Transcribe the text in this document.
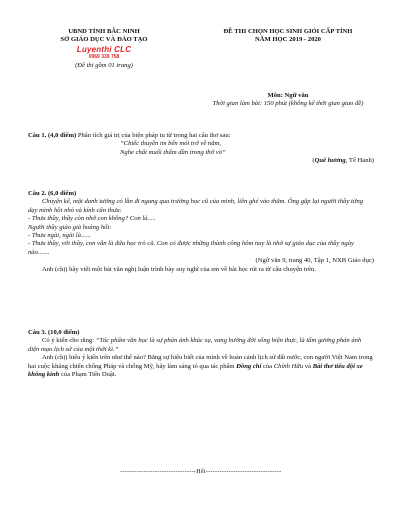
UBND TỈNH BẮC NINH
SỞ GIÁO DỤC VÀ ĐÀO TẠO
Luyenthi CLC
0969 339 758
(Đề thi gồm 01 trang)
ĐỀ THI CHỌN HỌC SINH GIỎI CẤP TỈNH
NĂM HỌC 2019 - 2020
Môn: Ngữ văn
Thời gian làm bài: 150 phút (không kể thời gian giao đề)

Câu 1. (4,0 điểm) Phân tích giá trị của biện pháp tu từ trong hai câu thơ sau:

“Chiếc thuyền im bến mỏi trở về nằm,

Nghe chất muối thấm dần trong thớ vỏ”

(Quê hương, Tế Hanh)

Câu 2. (6,0 điểm)

Chuyện kể, một danh tướng có lần đi ngang qua trường học cũ của mình, liền ghé vào thăm. Ông gặp lại người thầy từng dạy mình hồi nhỏ và kính cẩn thưa:

- Thưa thầy, thầy còn nhớ con không? Con là.....

Người thầy giáo già hoảng hốt:

- Thưa ngài, ngài là......

- Thưa thầy, với thầy, con vẫn là đứa học trò cũ. Con có được những thành công hôm nay là nhờ sự giáo dục của thầy ngày nào.......

(Ngữ văn 9, trang 40, Tập 1, NXB Giáo dục)

Anh (chị) hãy viết một bài văn nghị luận trình bày suy nghĩ của em về bài học rút ra từ câu chuyện trên.

Câu 3. (10,0 điểm)

Có ý kiến cho rằng: “Tác phẩm văn học là sự phản ánh khúc xạ, vang hưởng đời sống hiện thực, là tấm gương phản ánh diện mạo lịch sử của một thời kì.”

Anh (chị) hiểu ý kiến trên như thế nào? Bằng sự hiểu biết của mình về hoàn cảnh lịch sử đất nước, con người Việt Nam trong hai cuộc kháng chiến chống Pháp và chống Mỹ, hãy làm sáng tỏ qua tác phẩm Đồng chí của Chính Hữu và Bài thơ tiểu đội xe không kính của Phạm Tiến Duật.

---------------------------------Hết---------------------------------
